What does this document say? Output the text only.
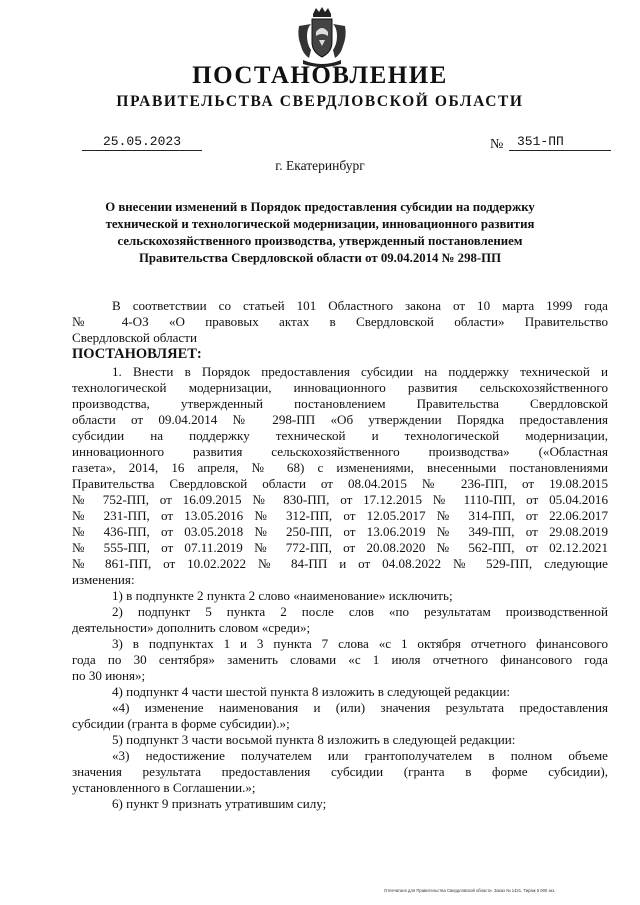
ПОСТАНОВЛЕНИЕ
ПРАВИТЕЛЬСТВА СВЕРДЛОВСКОЙ ОБЛАСТИ
25.05.2023	№	351-ПП
г. Екатеринбург
О внесении изменений в Порядок предоставления субсидии на поддержку
технической и технологической модернизации, инновационного развития
сельскохозяйственного производства, утвержденный постановлением
Правительства Свердловской области от 09.04.2014 № 298-ПП
В соответствии со статьей 101 Областного закона от 10 марта 1999 года
№ 4-ОЗ «О правовых актах в Свердловской области» Правительство
Свердловской области
ПОСТАНОВЛЯЕТ:
1. Внести в Порядок предоставления субсидии на поддержку технической и
технологической модернизации, инновационного развития сельскохозяйственного
производства, утвержденный постановлением Правительства Свердловской
области от 09.04.2014 № 298-ПП «Об утверждении Порядка предоставления
субсидии на поддержку технической и технологической модернизации,
инновационного развития сельскохозяйственного производства» («Областная
газета», 2014, 16 апреля, № 68) с изменениями, внесенными постановлениями
Правительства Свердловской области от 08.04.2015 № 236-ПП, от 19.08.2015
№ 752-ПП, от 16.09.2015 № 830-ПП, от 17.12.2015 № 1110-ПП, от 05.04.2016
№ 231-ПП, от 13.05.2016 № 312-ПП, от 12.05.2017 № 314-ПП, от 22.06.2017
№ 436-ПП, от 03.05.2018 № 250-ПП, от 13.06.2019 № 349-ПП, от 29.08.2019
№ 555-ПП, от 07.11.2019 № 772-ПП, от 20.08.2020 № 562-ПП, от 02.12.2021
№ 861-ПП, от 10.02.2022 № 84-ПП и от 04.08.2022 № 529-ПП, следующие
изменения:
1) в подпункте 2 пункта 2 слово «наименование» исключить;
2) подпункт 5 пункта 2 после слов «по результатам производственной
деятельности» дополнить словом «среди»;
3) в подпунктах 1 и 3 пункта 7 слова «с 1 октября отчетного финансового
года по 30 сентября» заменить словами «с 1 июля отчетного финансового года
по 30 июня»;
4) подпункт 4 части шестой пункта 8 изложить в следующей редакции:
«4) изменение наименования и (или) значения результата предоставления
субсидии (гранта в форме субсидии).»;
5) подпункт 3 части восьмой пункта 8 изложить в следующей редакции:
«3) недостижение получателем или грантополучателем в полном объеме
значения результата предоставления субсидии (гранта в форме субсидии),
установленного в Соглашении.»;
6) пункт 9 признать утратившим силу;
Отпечатано для Правительства Свердловской области. Заказ № 1421. Тираж 5 000 экз.
